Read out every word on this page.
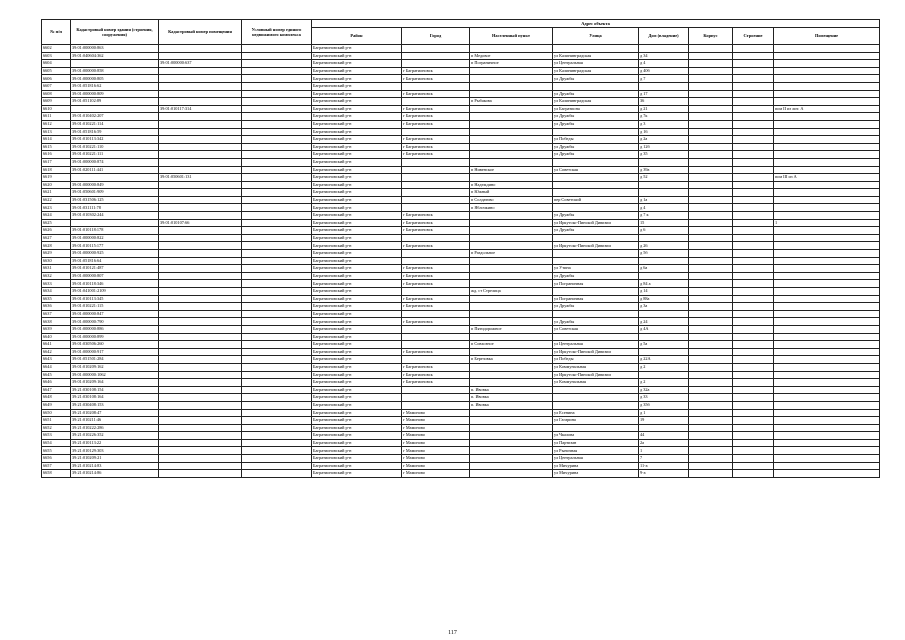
№ п/п	Кадастровый номер здания (строения, сооружения)	Кадастровый номер помещения	Условный номер единого недвижимого комплекса	Адрес объекта							
				Район	Город	Населенный пункт	Улица	Дом (владение)	Корпус	Строение	Помещение
6602	39:01:000000:863			Багратионовский р-н							
6603	39:01:040604:362			Багратионовский р-н		п Медовое	ул Калининградская	д 34			
6604		39:01:000000:637		Багратионовский р-н		п Пограничное	ул Центральная	д 4			
6605	39:01:000000:858			Багратионовский р-н	г Багратионовск		ул Калининградская	д 40б			
6606	39:01:000000:805			Багратионовский р-н	г Багратионовск		ул Дружбы	д 7			
6607	39:01:051816:62			Багратионовский р-н							
6608	39:01:000000:809			Багратионовский р-н	г Багратионовск		ул Дружбы	д 17			
6609	39:01:051102:89			Багратионовский р-н		п Рыбакова	ул Калининградская	36			
6610		39:01:010117:314		Багратионовский р-н	г Багратионовск		ул Багратиона	д 21			пом II из лит. А
6611	39:01:010402:207			Багратионовский р-н	г Багратионовск		ул Дружбы	д 7к			
6612	39:01:010221:114			Багратионовский р-н	г Багратионовск		ул Дружбы	д 3			
6613	39:01:051816:59			Багратионовский р-н				д 16			
6614	39:01:010113:342			Багратионовский р-н	г Багратионовск		ул Победы	д 2а			
6615	39:01:010221:110			Багратионовский р-н	г Багратионовск		ул Дружбы	д 12б			
6616	39:01:010221:111			Багратионовский р-н	г Багратионовск		ул Дружбы	д 35			
6617	39:01:000000:874			Багратионовский р-н							
6618	39:01:020111:441			Багратионовский р-н		п Нивенское	ул Советская	д 39а			
6619		39:01:050601:131		Багратионовский р-н				д 52			пом III из А
6620	39:01:000000:849			Багратионовский р-н		п Надеждино					
6621	39:01:050601:909			Багратионовский р-н		п Южный					
6622	39:01:031506:125			Багратионовский р-н		п Солдатово	пер Советский	д 1а			
6623	39:01:031111:78			Багратионовский р-н		п Яблочкино		д 4			
6624	39:01:010302:244			Багратионовский р-н	г Багратионовск		ул Дружбы	д 7 к			
6625		39:01:010107:66		Багратионовский р-н	г Багратионовск		ул Иркутско-Пинской Дивизии	15			1
6626	39:01:010118:178			Багратионовский р-н	г Багратионовск		ул Дружбы	д 6			
6627	39:01:000000:822			Багратионовский р-н							
6628	39:01:010115:177			Багратионовский р-н	г Багратионовск		ул Иркутско-Пинской Дивизии	д 26			
6629	39:01:000000:925			Багратионовский р-н		п Раздольное		д 5б			
6630	39:01:051816:64			Багратионовский р-н							
6631	39:01:010121:487			Багратионовский р-н	г Багратионовск		ул Утина	д 6а			
6632	39:01:000000:807			Багратионовский р-н	г Багратионовск		ул Дружбы				
6633	39:01:010118:346			Багратионовский р-н	г Багратионовск		ул Пограничная	д 84 а			
6634	39:01:041001:2109			Багратионовский р-н		жд. ст Стрелица		д 14			
6635	39:01:010113:345			Багратионовский р-н	г Багратионовск		ул Пограничная	д 88а			
6636	39:01:010221:115			Багратионовский р-н	г Багратионовск		ул Дружбы	д 3а			
6637	39:01:000000:847			Багратионовский р-н							
6638	39:01:000000:790			Багратионовский р-н	г Багратионовск		ул Дружбы	д 24			
6639	39:01:000000:886			Багратионовский р-н		п Пятидорожное	ул Советская	д 4А			
6640	39:01:000000:899			Багратионовский р-н							
6641	39:01:030506:260			Багратионовский р-н		п Совхозное	ул Центральная	д 5а			
6642	39:01:000000:917			Багратионовский р-н	г Багратионовск		ул Иркутско-Пинской Дивизии				
6643	39:01:051501:284			Багратионовский р-н		п Березовка	ул Победы	д 22А			
6644	39:01:010209:162			Багратионовский р-н	г Багратионовск		ул Коммунальная	д 2			
6645	39:01:000000:1062			Багратионовский р-н	г Багратионовск		ул Иркутско-Пинской Дивизии				
6646	39:01:010209:164			Багратионовский р-н	г Багратионовск		ул Коммунальная	д 2			
6647	39:21:030108:154			Багратионовский р-н		п. Ивовка		д 32а			
6648	39:21:030108:164			Багратионовский р-н		п. Ивовка		д 33			
6649	39:21:030408:153			Багратионовский р-н		п. Ивовка		д 35б			
6650	39:21:010208:47			Багратионовский р-н	г Мамоново		ул Есенина	д 1			
6651	39:21:010211:46			Багратионовский р-н	г Мамоново		ул Гагарина	19			
6652	39:21:010222:286			Багратионовский р-н	г Мамоново						
6653	39:21:010226:352			Багратионовский р-н	г Мамоново		ул Чкалова	44			
6654	39:21:010113:22			Багратионовский р-н	г Мамоново		ул Партизан	2а			
6655	39:21:010129:303			Багратионовский р-н	г Мамоново		ул Рыночная	1			
6656	39:21:010209:21			Багратионовский р-н	г Мамоново		ул Центральная	7			
6657	39:21:010214:83			Багратионовский р-н	г Мамоново		ул Мичурина	11-а			
6658	39:21:010214:86			Багратионовский р-н	г Мамоново		ул Мичурина	9-а			
117
